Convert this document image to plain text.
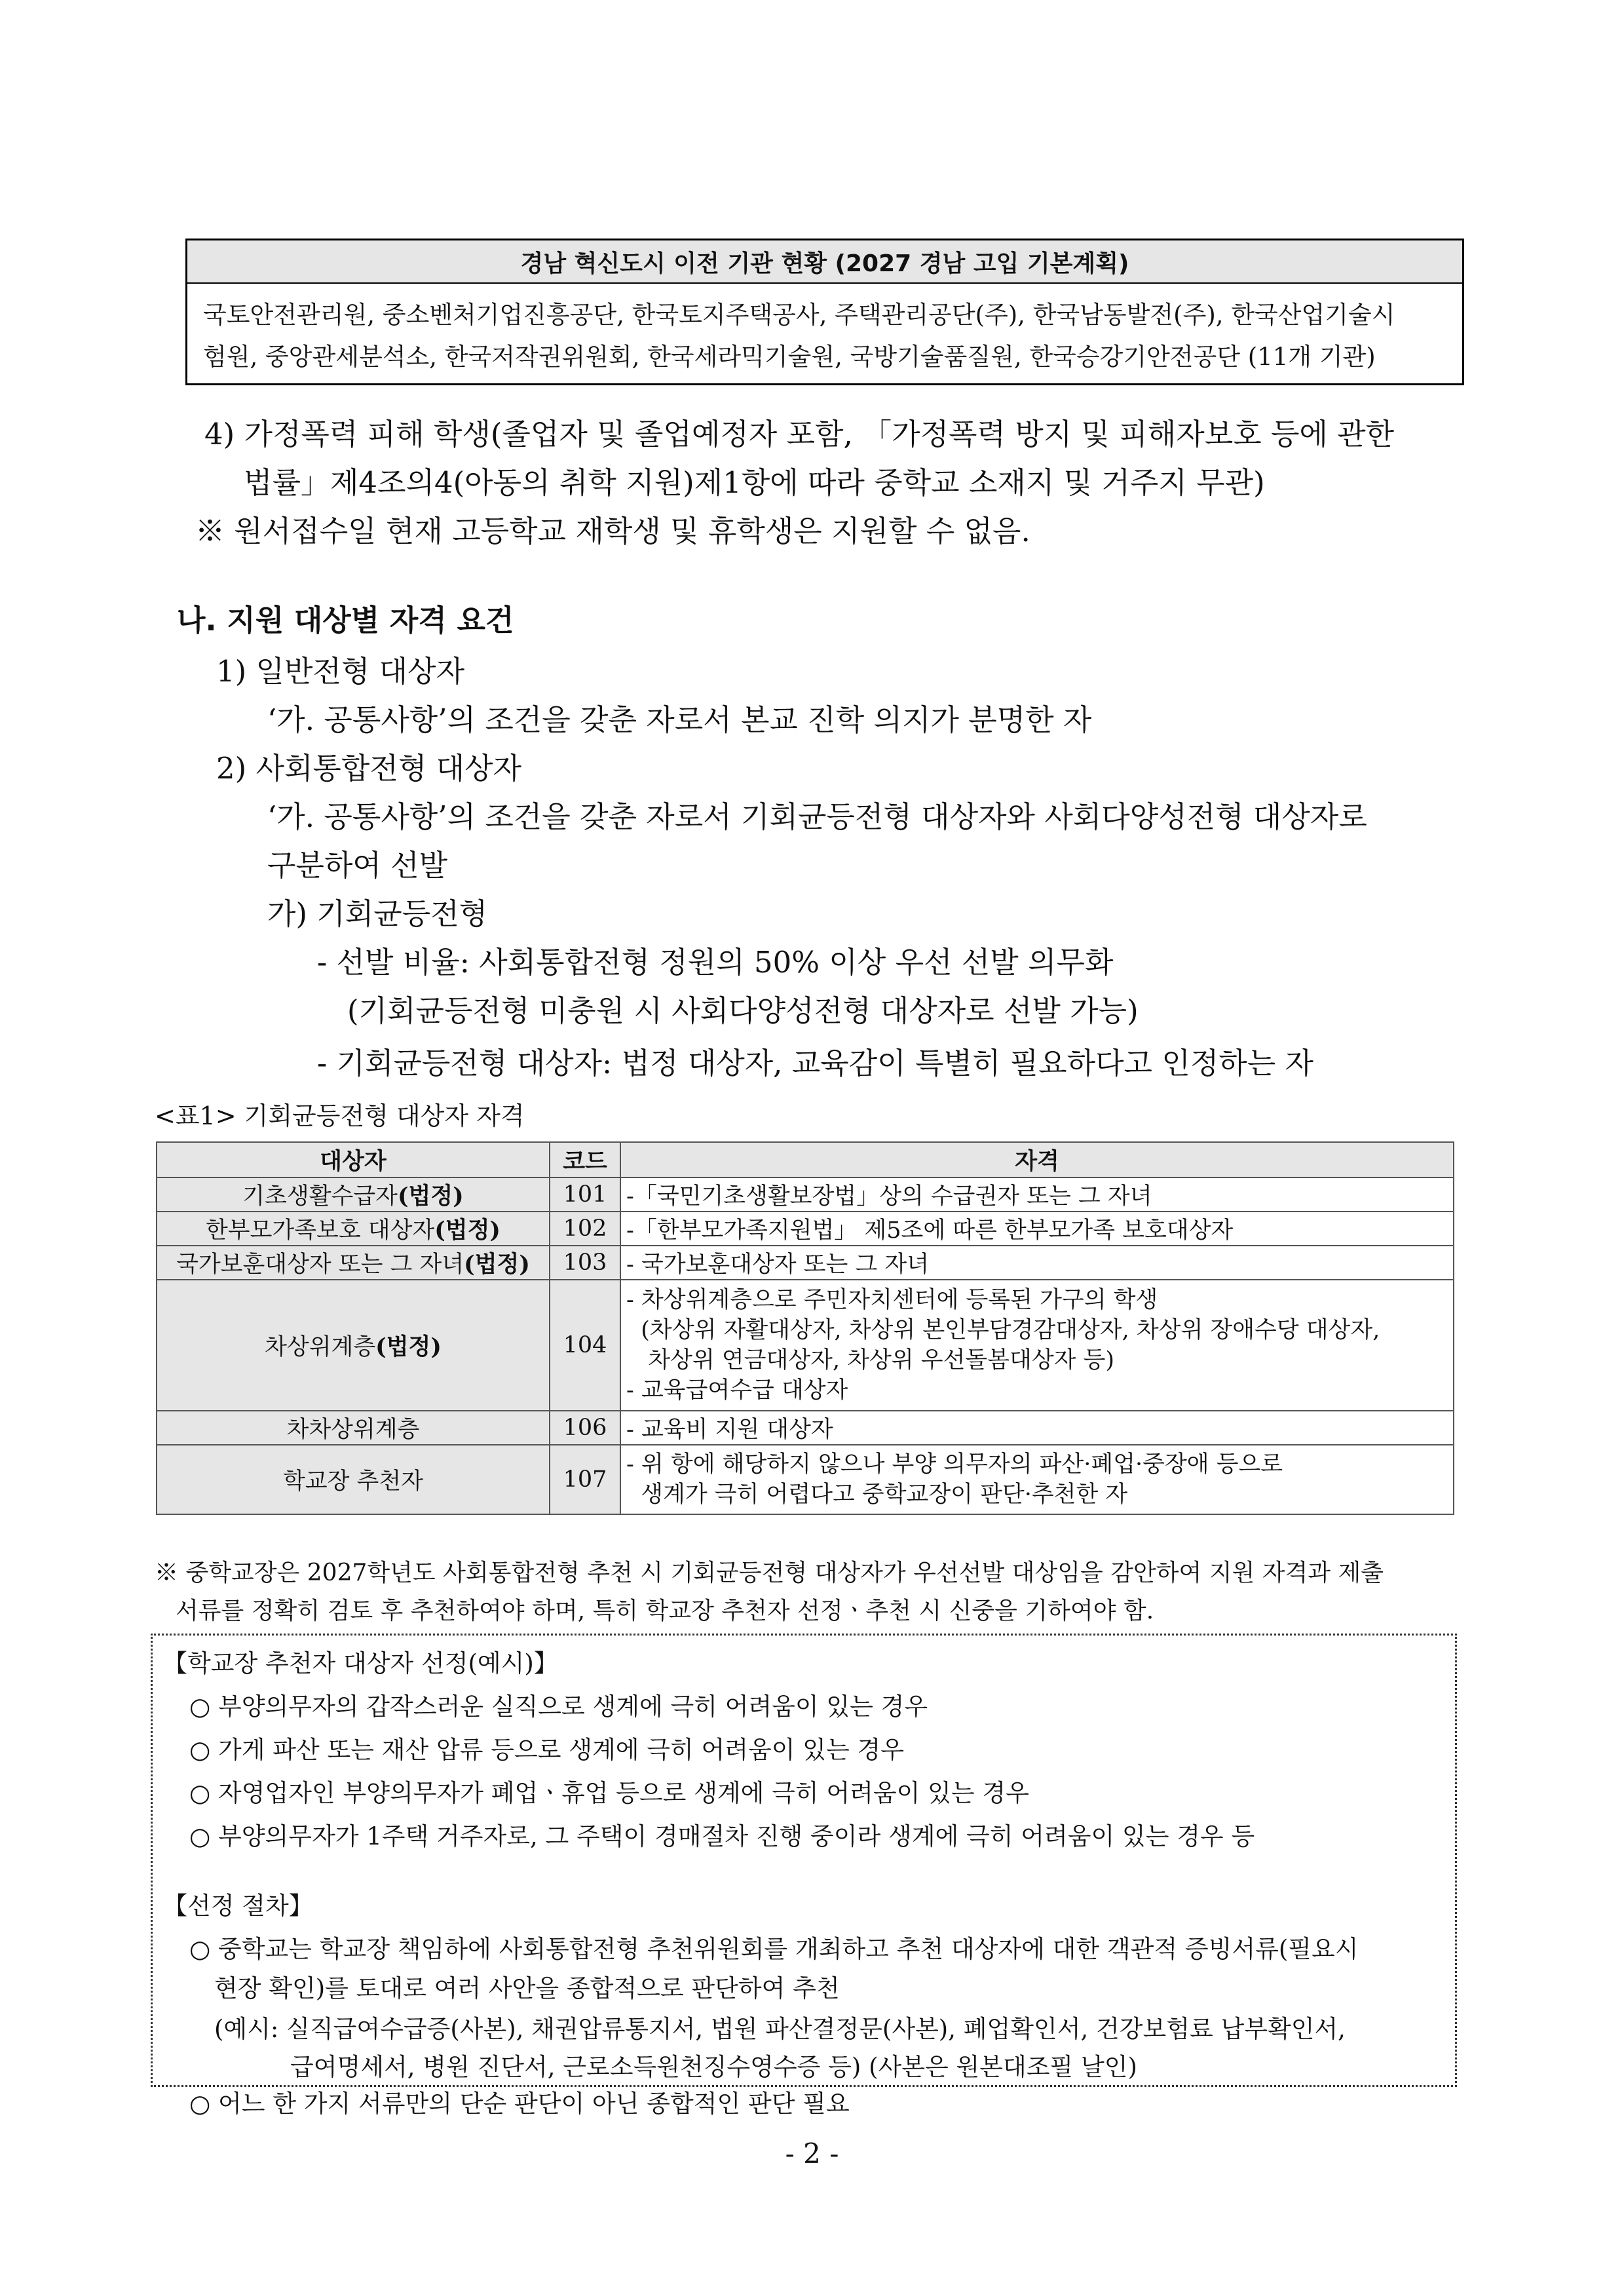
경남 혁신도시 이전 기관 현황 (2027 경남 고입 기본계획)
국토안전관리원, 중소벤처기업진흥공단, 한국토지주택공사, 주택관리공단(주), 한국남동발전(주), 한국산업기술시
험원, 중앙관세분석소, 한국저작권위원회, 한국세라믹기술원, 국방기술품질원, 한국승강기안전공단 (11개 기관)
4) 가정폭력 피해 학생(졸업자 및 졸업예정자 포함, 「가정폭력 방지 및 피해자보호 등에 관한
법률」제4조의4(아동의 취학 지원)제1항에 따라 중학교 소재지 및 거주지 무관)
※ 원서접수일 현재 고등학교 재학생 및 휴학생은 지원할 수 없음.
나. 지원 대상별 자격 요건
1) 일반전형 대상자
‘가. 공통사항’의 조건을 갖춘 자로서 본교 진학 의지가 분명한 자
2) 사회통합전형 대상자
‘가. 공통사항’의 조건을 갖춘 자로서 기회균등전형 대상자와 사회다양성전형 대상자로
구분하여 선발
가) 기회균등전형
- 선발 비율: 사회통합전형 정원의 50% 이상 우선 선발 의무화
(기회균등전형 미충원 시 사회다양성전형 대상자로 선발 가능)
- 기회균등전형 대상자: 법정 대상자, 교육감이 특별히 필요하다고 인정하는 자
<표1> 기회균등전형 대상자 자격
대상자	코드	자격
기초생활수급자(법정)	101	-「국민기초생활보장법」상의 수급권자 또는 그 자녀

한부모가족보호 대상자(법정)	102	-「한부모가족지원법」 제5조에 따른 한부모가족 보호대상자

국가보훈대상자 또는 그 자녀(법정)	103	- 국가보훈대상자 또는 그 자녀

차상위계층(법정)	104	- 차상위계층으로 주민자치센터에 등록된 가구의 학생
(차상위 자활대상자, 차상위 본인부담경감대상자, 차상위 장애수당 대상자,
차상위 연금대상자, 차상위 우선돌봄대상자 등)
- 교육급여수급 대상자

차차상위계층	106	- 교육비 지원 대상자

학교장 추천자	107	- 위 항에 해당하지 않으나 부양 의무자의 파산·폐업·중장애 등으로
생계가 극히 어렵다고 중학교장이 판단·추천한 자
※ 중학교장은 2027학년도 사회통합전형 추천 시 기회균등전형 대상자가 우선선발 대상임을 감안하여 지원 자격과 제출
서류를 정확히 검토 후 추천하여야 하며, 특히 학교장 추천자 선정ㆍ추천 시 신중을 기하여야 함.
【학교장 추천자 대상자 선정(예시)】
○ 부양의무자의 갑작스러운 실직으로 생계에 극히 어려움이 있는 경우
○ 가게 파산 또는 재산 압류 등으로 생계에 극히 어려움이 있는 경우
○ 자영업자인 부양의무자가 폐업ㆍ휴업 등으로 생계에 극히 어려움이 있는 경우
○ 부양의무자가 1주택 거주자로, 그 주택이 경매절차 진행 중이라 생계에 극히 어려움이 있는 경우 등
【선정 절차】
○ 중학교는 학교장 책임하에 사회통합전형 추천위원회를 개최하고 추천 대상자에 대한 객관적 증빙서류(필요시
현장 확인)를 토대로 여러 사안을 종합적으로 판단하여 추천
(예시: 실직급여수급증(사본), 채권압류통지서, 법원 파산결정문(사본), 폐업확인서, 건강보험료 납부확인서,
급여명세서, 병원 진단서, 근로소득원천징수영수증 등) (사본은 원본대조필 날인)
○ 어느 한 가지 서류만의 단순 판단이 아닌 종합적인 판단 필요
- 2 -
